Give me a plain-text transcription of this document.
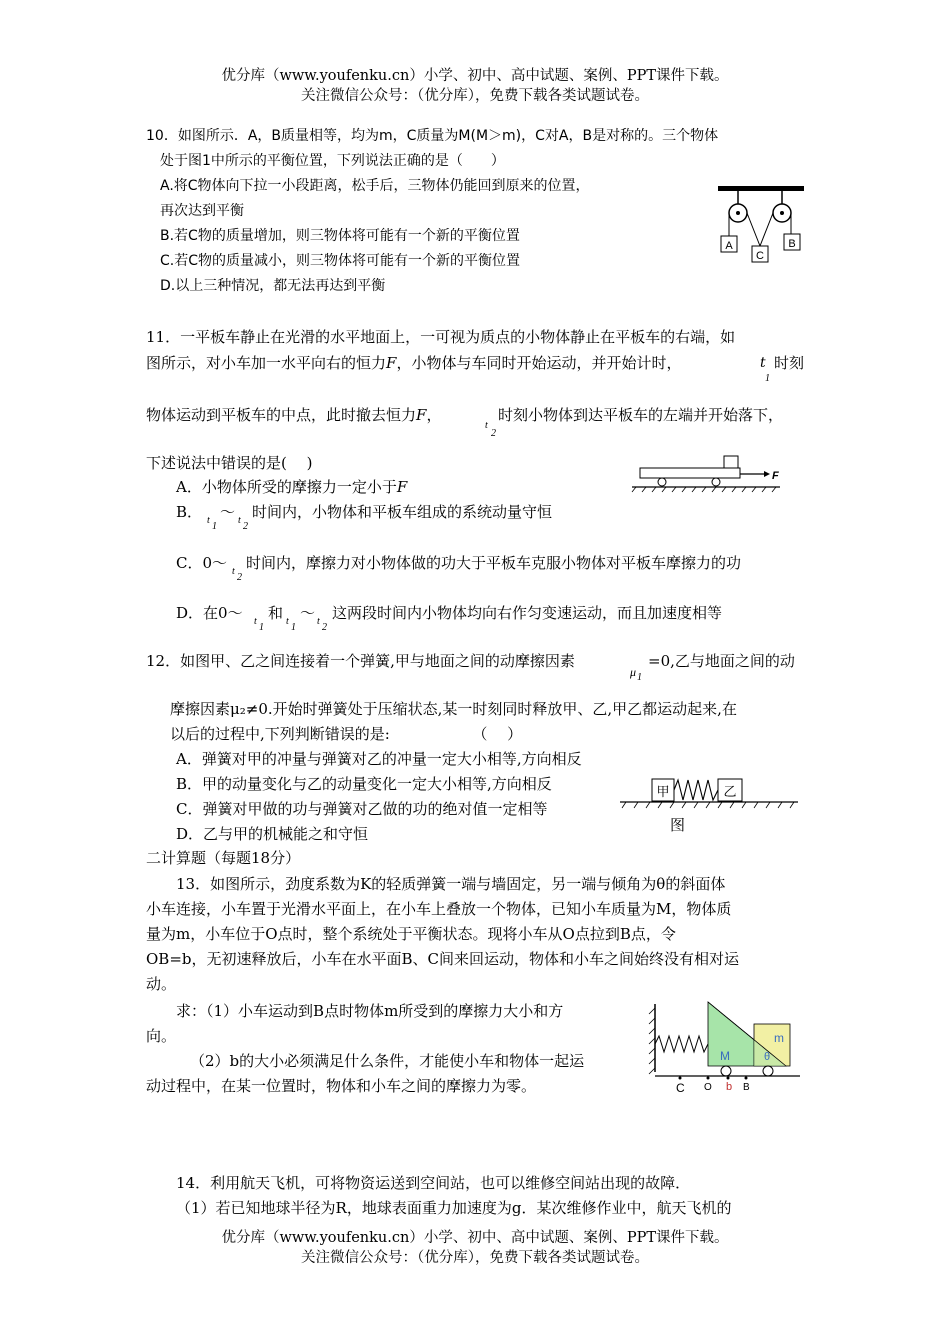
优分库（www.youfenku.cn）小学、初中、高中试题、案例、PPT课件下载。
关注微信公众号：（优分库），免费下载各类试题试卷。
10．如图所示．A，B质量相等，均为m，C质量为M(M＞m)，C对A，B是对称的。三个物体
处于图1中所示的平衡位置，下列说法正确的是（　　）
A.将C物体向下拉一小段距离，松手后，三物体仍能回到原来的位置，
再次达到平衡
B.若C物的质量增加，则三物体将可能有一个新的平衡位置
C.若C物的质量减小，则三物体将可能有一个新的平衡位置
D.以上三种情况，都无法再达到平衡
A	B
C
11．一平板车静止在光滑的水平地面上，一可视为质点的小物体静止在平板车的右端，如
图所示，对小车加一水平向右的恒力F，小物体与车同时开始运动，并开始计时，	t
1
时刻
物体运动到平板车的中点，此时撤去恒力F，
t
2
时刻小物体到达平板车的左端并开始落下，
下述说法中错误的是(　 )
A．小物体所受的摩擦力一定小于F
B． t
1
～ t
2
时间内，小物体和平板车组成的系统动量守恒
C．0～ t
2
时间内，摩擦力对小物体做的功大于平板车克服小物体对平板车摩擦力的功
D．在0～ t
1
和 t
1
～ t
2
这两段时间内小物体均向右作匀变速运动，而且加速度相等
F
12．如图甲、乙之间连接着一个弹簧,甲与地面之间的动摩擦因素
μ 1
=0,乙与地面之间的动
摩擦因素μ₂≠0.开始时弹簧处于压缩状态,某一时刻同时释放甲、乙,甲乙都运动起来,在
以后的过程中,下列判断错误的是:　　　　　　（　 ）
A．弹簧对甲的冲量与弹簧对乙的冲量一定大小相等,方向相反
B．甲的动量变化与乙的动量变化一定大小相等,方向相反
C．弹簧对甲做的功与弹簧对乙做的功的绝对值一定相等
D．乙与甲的机械能之和守恒
甲	乙
图
二计算题（每题18分）
13．如图所示，劲度系数为K的轻质弹簧一端与墙固定，另一端与倾角为θ的斜面体
小车连接，小车置于光滑水平面上，在小车上叠放一个物体，已知小车质量为M，物体质
量为m，小车位于O点时，整个系统处于平衡状态。现将小车从O点拉到B点，令
OB=b，无初速释放后，小车在水平面B、C间来回运动，物体和小车之间始终没有相对运
动。
求：（1）小车运动到B点时物体m所受到的摩擦力大小和方
向。
（2）b的大小必须满足什么条件，才能使小车和物体一起运
动过程中，在某一位置时，物体和小车之间的摩擦力为零。
M
m
θ
C O b B
14．利用航天飞机，可将物资运送到空间站，也可以维修空间站出现的故障．
（1）若已知地球半径为R，地球表面重力加速度为g．某次维修作业中，航天飞机的
优分库（www.youfenku.cn）小学、初中、高中试题、案例、PPT课件下载。
关注微信公众号：（优分库），免费下载各类试题试卷。
